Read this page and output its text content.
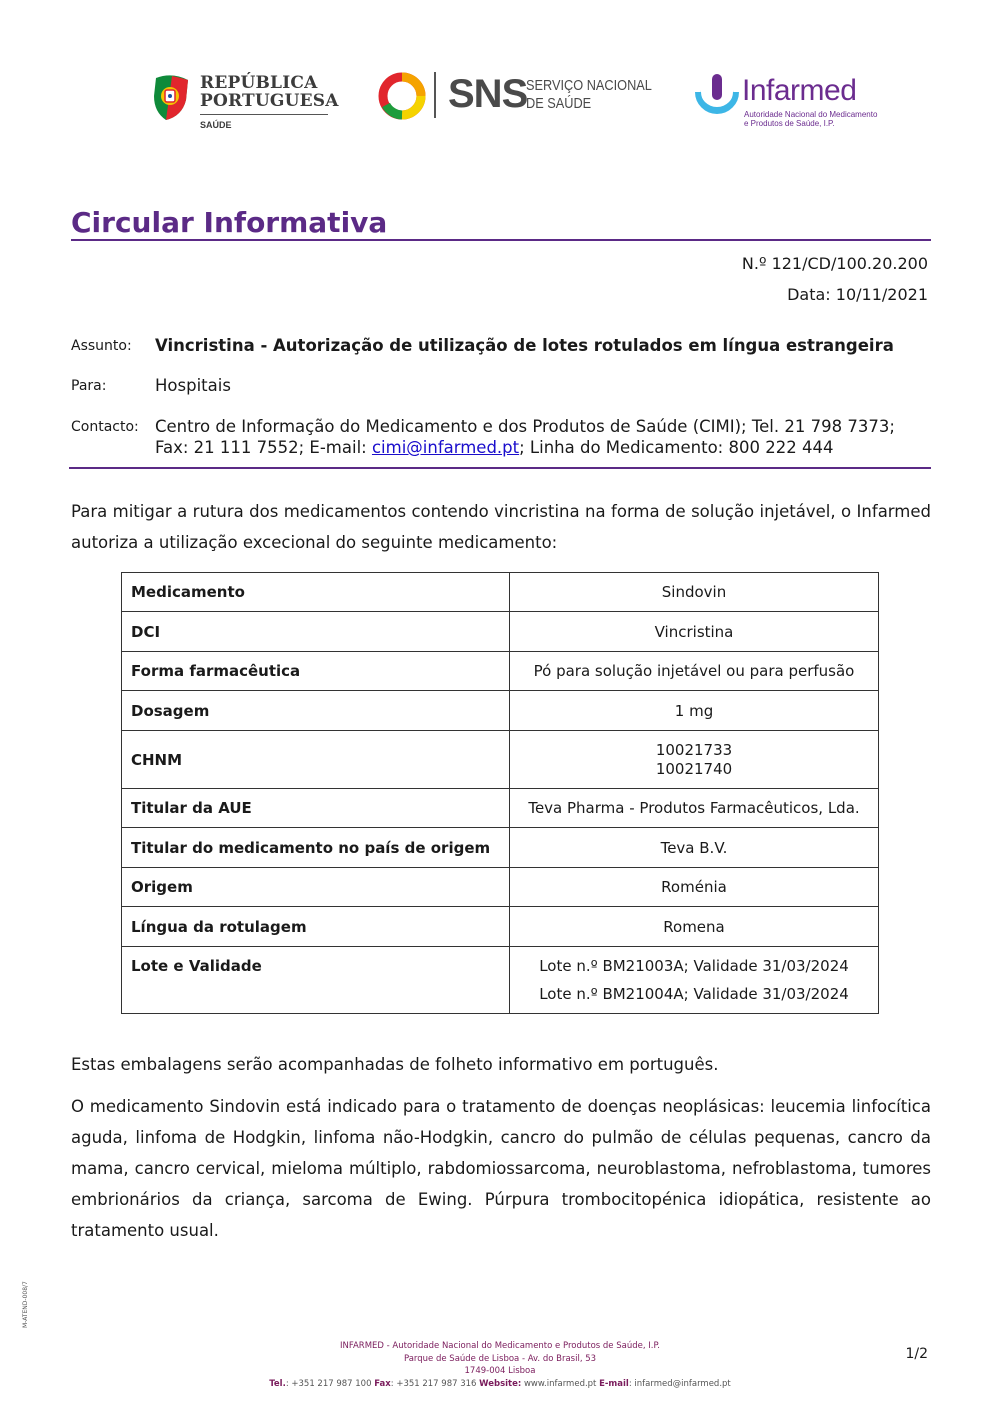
REPÚBLICA
PORTUGUESA
SAÚDE
SNS
SERVIÇO NACIONAL
DE SAÚDE	Infarmed
Autoridade Nacional do Medicamento
e Produtos de Saúde, I.P.
Circular Informativa
N.º 121/CD/100.20.200
Data: 10/11/2021
Assunto: Vincristina - Autorização de utilização de lotes rotulados em língua estrangeira
Para:	Hospitais
Contacto: Centro de Informação do Medicamento e dos Produtos de Saúde (CIMI); Tel. 21 798 7373;
Fax: 21 111 7552; E-mail: cimi@infarmed.pt; Linha do Medicamento: 800 222 444
Para mitigar a rutura dos medicamentos contendo vincristina na forma de solução injetável, o Infarmed autoriza a utilização excecional do seguinte medicamento:
Medicamento	Sindovin
DCI	Vincristina
Forma farmacêutica	Pó para solução injetável ou para perfusão
Dosagem	1 mg
CHNM	10021733
10021740

Titular da AUE	Teva Pharma - Produtos Farmacêuticos, Lda.
Titular do medicamento no país de origem	Teva B.V.
Origem	Roménia
Língua da rotulagem	Romena
Lote e Validade	Lote n.º BM21003A; Validade 31/03/2024
Lote n.º BM21004A; Validade 31/03/2024
Estas embalagens serão acompanhadas de folheto informativo em português.
O medicamento Sindovin está indicado para o tratamento de doenças neoplásicas: leucemia linfocítica aguda, linfoma de Hodgkin, linfoma não-Hodgkin, cancro do pulmão de células pequenas, cancro da mama, cancro cervical, mieloma múltiplo, rabdomiossarcoma, neuroblastoma, nefroblastoma, tumores embrionários da criança, sarcoma de Ewing. Púrpura trombocitopénica idiopática, resistente ao tratamento usual.
M-ATEND-008/7
INFARMED - Autoridade Nacional do Medicamento e Produtos de Saúde, I.P.
Parque de Saúde de Lisboa - Av. do Brasil, 53
1749-004 Lisboa
Tel.: +351 217 987 100 Fax: +351 217 987 316 Website: www.infarmed.pt E-mail: infarmed@infarmed.pt
1/2
